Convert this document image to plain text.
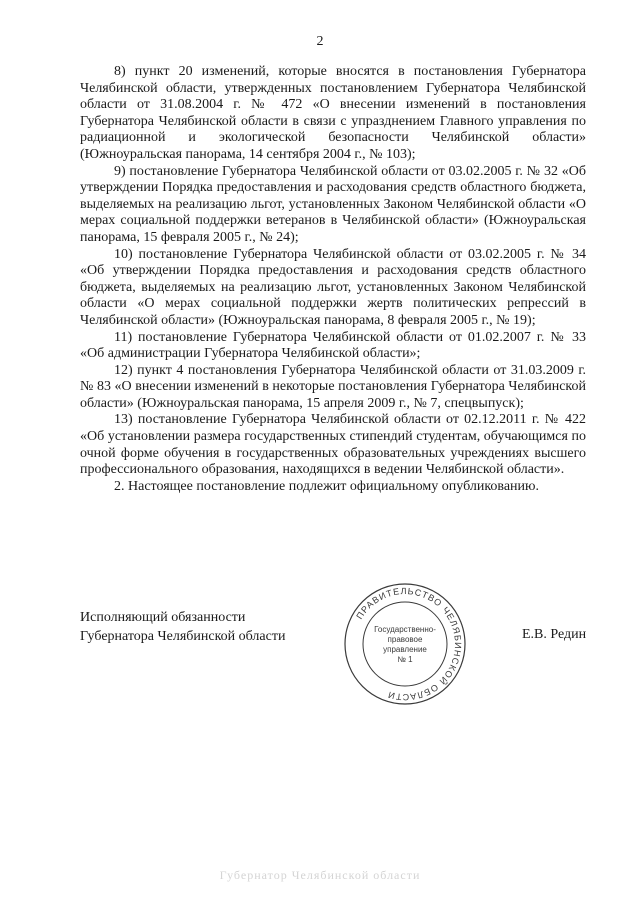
2

8) пункт 20 изменений, которые вносятся в постановления Губернатора Челябинской области, утвержденных постановлением Губернатора Челябинской области от 31.08.2004 г. № 472 «О внесении изменений в постановления Губернатора Челябинской области в связи с упразднением Главного управления по радиационной и экологической безопасности Челябинской области» (Южноуральская панорама, 14 сентября 2004 г., № 103);

9) постановление Губернатора Челябинской области от 03.02.2005 г. № 32 «Об утверждении Порядка предоставления и расходования средств областного бюджета, выделяемых на реализацию льгот, установленных Законом Челябинской области «О мерах социальной поддержки ветеранов в Челябинской области» (Южноуральская панорама, 15 февраля 2005 г., № 24);

10) постановление Губернатора Челябинской области от 03.02.2005 г. № 34 «Об утверждении Порядка предоставления и расходования средств областного бюджета, выделяемых на реализацию льгот, установленных Законом Челябинской области «О мерах социальной поддержки жертв политических репрессий в Челябинской области» (Южноуральская панорама, 8 февраля 2005 г., № 19);

11) постановление Губернатора Челябинской области от 01.02.2007 г. № 33 «Об администрации Губернатора Челябинской области»;

12) пункт 4 постановления Губернатора Челябинской области от 31.03.2009 г. № 83 «О внесении изменений в некоторые постановления Губернатора Челябинской области» (Южноуральская панорама, 15 апреля 2009 г., № 7, спецвыпуск);

13) постановление Губернатора Челябинской области от 02.12.2011 г. № 422 «Об установлении размера государственных стипендий студентам, обучающимся по очной форме обучения в государственных образовательных учреждениях высшего профессионального образования, находящихся в ведении Челябинской области».

2. Настоящее постановление подлежит официальному опубликованию.

Исполняющий обязанности
Губернатора Челябинской области
ПРАВИТЕЛЬСТВО ЧЕЛЯБИНСКОЙ ОБЛАСТИ
Государственно-
правовое
управление
№ 1
Е.В. Редин
Губернатор Челябинской области
